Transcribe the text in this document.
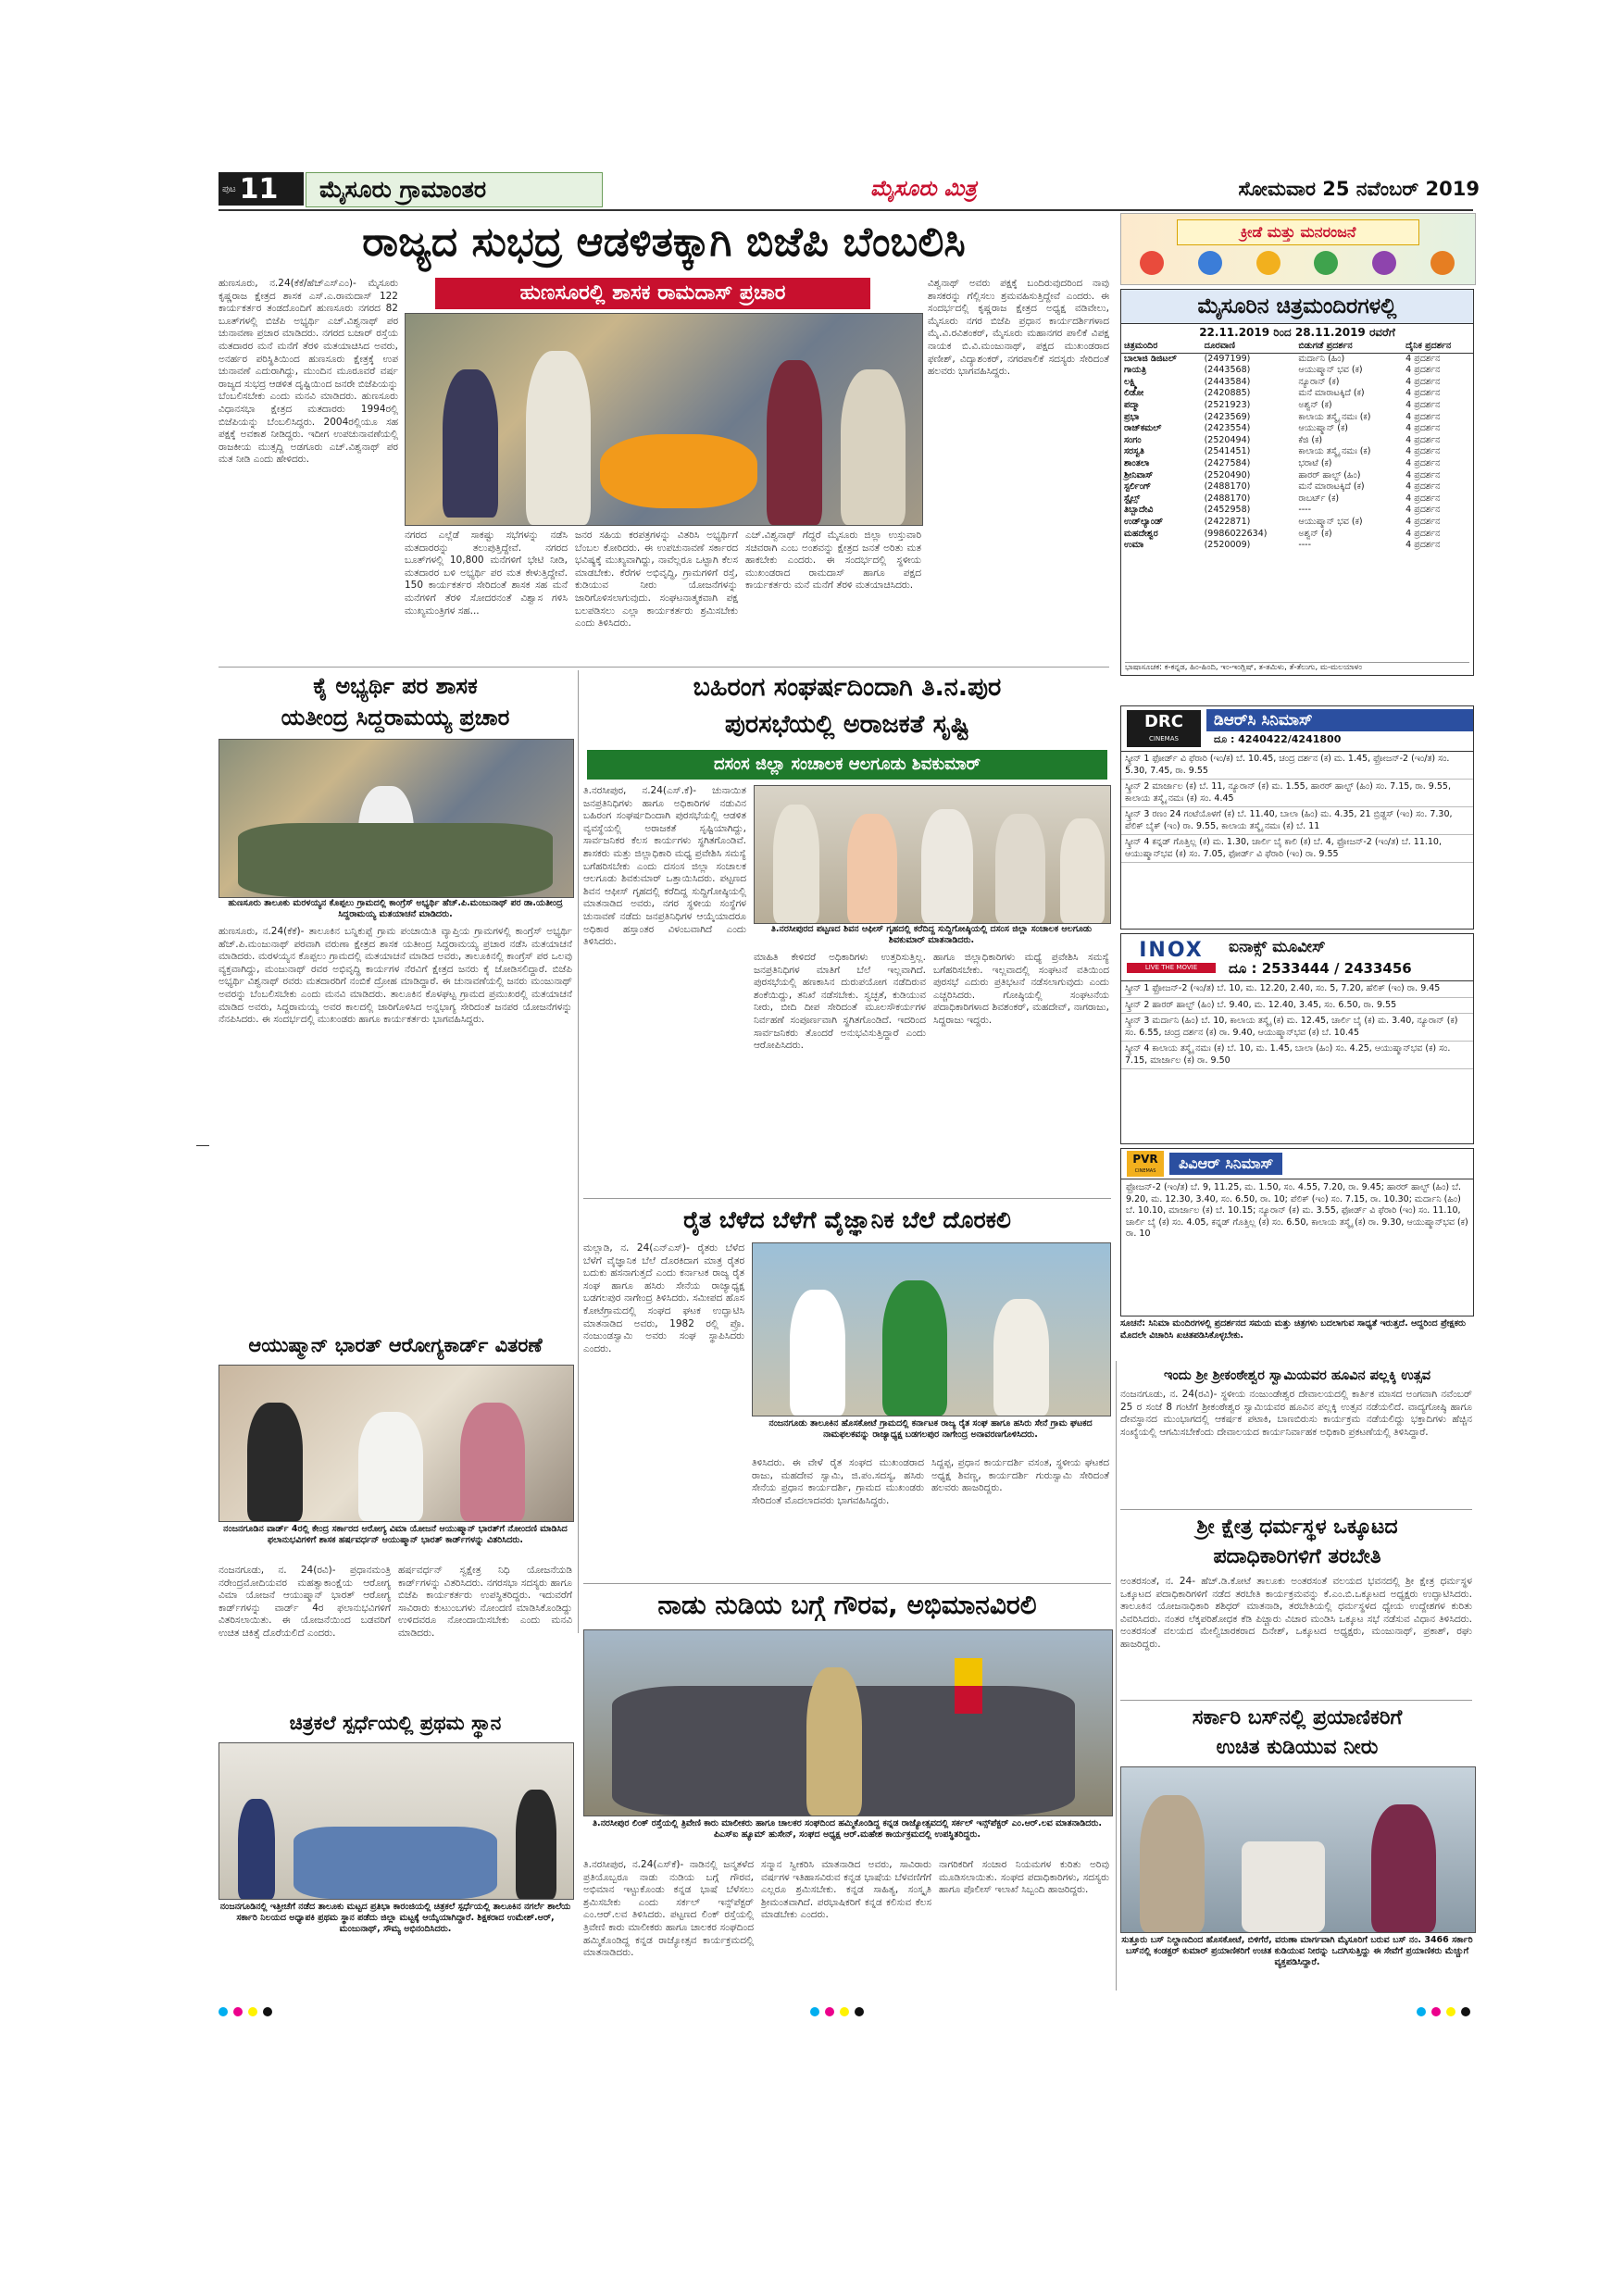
ಪುಟ 11	ಮೈಸೂರು ಗ್ರಾಮಾಂತರ	ಮೈಸೂರು ಮಿತ್ರ	ಸೋಮವಾರ 25 ನವೆಂಬರ್ 2019
ರಾಜ್ಯದ ಸುಭದ್ರ ಆಡಳಿತಕ್ಕಾಗಿ ಬಿಜೆಪಿ ಬೆಂಬಲಿಸಿ
ಹುಣಸೂರಲ್ಲಿ ಶಾಸಕ ರಾಮದಾಸ್ ಪ್ರಚಾರ
ಹುಣಸೂರು, ನ.24(ಕೆಕೆ/ಹೆಚ್‌ಎಸ್‌ಎಂ)- ಮೈಸೂರು ಕೃಷ್ಣರಾಜ ಕ್ಷೇತ್ರದ ಶಾಸಕ ಎಸ್.ಎ.ರಾಮದಾಸ್ 122 ಕಾರ್ಯಕರ್ತರ ತಂಡದೊಂದಿಗೆ ಹುಣಸೂರು ನಗರದ 82 ಬೂತ್‌ಗಳಲ್ಲಿ ಬಿಜೆಪಿ ಅಭ್ಯರ್ಥಿ ಎಚ್.ವಿಶ್ವನಾಥ್ ಪರ ಚುನಾವಣಾ ಪ್ರಚಾರ ಮಾಡಿದರು. ನಗರದ ಬಜಾರ್ ರಸ್ತೆಯ ಮತದಾರರ ಮನೆ ಮನೆಗೆ ತೆರಳಿ ಮತಯಾಚಿಸಿದ ಅವರು, ಅನರ್ಹರ ಪರಿಸ್ಥಿತಿಯಿಂದ ಹುಣಸೂರು ಕ್ಷೇತ್ರಕ್ಕೆ ಉಪ ಚುನಾವಣೆ ಎದುರಾಗಿದ್ದು, ಮುಂದಿನ ಮೂರೂವರೆ ವರ್ಷ ರಾಜ್ಯದ ಸುಭದ್ರ ಆಡಳಿತ ದೃಷ್ಟಿಯಿಂದ ಜನರೇ ಬಿಜೆಪಿಯನ್ನು ಬೆಂಬಲಿಸಬೇಕು ಎಂದು ಮನವಿ ಮಾಡಿದರು. ಹುಣಸೂರು ವಿಧಾನಸಭಾ ಕ್ಷೇತ್ರದ ಮತದಾರರು 1994ರಲ್ಲಿ ಬಿಜೆಪಿಯನ್ನು ಬೆಂಬಲಿಸಿದ್ದರು. 2004ರಲ್ಲಿಯೂ ಸಹ ಪಕ್ಷಕ್ಕೆ ಅವಕಾಶ ನೀಡಿದ್ದರು. ಇದೀಗ ಉಪಚುನಾವಣೆಯಲ್ಲಿ ರಾಜಕೀಯ ಮುತ್ಸದ್ದಿ ಅಡಗೂರು ಎಚ್.ವಿಶ್ವನಾಥ್ ಪರ ಮತ ನೀಡಿ ಎಂದು ಹೇಳಿದರು.
ನಗರದ ಎಲ್ಲೆಡೆ ಸಾಕಷ್ಟು ಸಭೆಗಳನ್ನು ನಡೆಸಿ ಮತದಾರರನ್ನು ತಲುಪುತ್ತಿದ್ದೇವೆ. ನಗರದ ಬೂತ್‌ಗಳಲ್ಲಿ 10,800 ಮನೆಗಳಿಗೆ ಭೇಟಿ ನೀಡಿ, ಮತದಾರರ ಬಳಿ ಅಭ್ಯರ್ಥಿ ಪರ ಮತ ಕೇಳುತ್ತಿದ್ದೇವೆ. 150 ಕಾರ್ಯಕರ್ತರ ಸೇರಿದಂತೆ ಶಾಸಕ ಸಹ ಮನೆ ಮನೆಗಳಿಗೆ ತೆರಳಿ ಸೋದರನಂತೆ ವಿಶ್ವಾಸ ಗಳಿಸಿ ಮುಖ್ಯಮಂತ್ರಿಗಳ ಸಹ...
ಜನರ ಸಹಿಯ ಕರಪತ್ರಗಳನ್ನು ವಿತರಿಸಿ ಅಭ್ಯರ್ಥಿಗೆ ಬೆಂಬಲ ಕೋರಿದರು. ಈ ಉಪಚುನಾವಣೆ ಸರ್ಕಾರದ ಭವಿಷ್ಯಕ್ಕೆ ಮುಖ್ಯವಾಗಿದ್ದು, ನಾವೆಲ್ಲರೂ ಒಟ್ಟಾಗಿ ಕೆಲಸ ಮಾಡಬೇಕು. ಕೆರೆಗಳ ಅಭಿವೃದ್ಧಿ, ಗ್ರಾಮಗಳಿಗೆ ರಸ್ತೆ, ಕುಡಿಯುವ ನೀರು ಯೋಜನೆಗಳನ್ನು ಜಾರಿಗೊಳಿಸಲಾಗುವುದು. ಸಂಘಟನಾತ್ಮಕವಾಗಿ ಪಕ್ಷ ಬಲಪಡಿಸಲು ಎಲ್ಲಾ ಕಾರ್ಯಕರ್ತರು ಶ್ರಮಿಸಬೇಕು ಎಂದು ತಿಳಿಸಿದರು.
ಎಚ್.ವಿಶ್ವನಾಥ್ ಗೆದ್ದರೆ ಮೈಸೂರು ಜಿಲ್ಲಾ ಉಸ್ತುವಾರಿ ಸಚಿವರಾಗಿ ಎಂಬ ಅಂಶವನ್ನು ಕ್ಷೇತ್ರದ ಜನತೆ ಅರಿತು ಮತ ಹಾಕಬೇಕು ಎಂದರು. ಈ ಸಂದರ್ಭದಲ್ಲಿ ಸ್ಥಳೀಯ ಮುಖಂಡರಾದ ರಾಮದಾಸ್ ಹಾಗೂ ಪಕ್ಷದ ಕಾರ್ಯಕರ್ತರು ಮನೆ ಮನೆಗೆ ತೆರಳಿ ಮತಯಾಚಿಸಿದರು.
ವಿಶ್ವನಾಥ್ ಅವರು ಪಕ್ಷಕ್ಕೆ ಬಂದಿರುವುದರಿಂದ ನಾವು ಶಾಸಕರನ್ನು ಗೆಲ್ಲಿಸಲು ಶ್ರಮವಹಿಸುತ್ತಿದ್ದೇವೆ ಎಂದರು. ಈ ಸಂದರ್ಭದಲ್ಲಿ ಕೃಷ್ಣರಾಜ ಕ್ಷೇತ್ರದ ಅಧ್ಯಕ್ಷ ವಡಿವೇಲು, ಮೈಸೂರು ನಗರ ಬಿಜೆಪಿ ಪ್ರಧಾನ ಕಾರ್ಯದರ್ಶಿಗಳಾದ ಮೈ.ವಿ.ರವಿಶಂಕರ್, ಮೈಸೂರು ಮಹಾನಗರ ಪಾಲಿಕೆ ವಿಪಕ್ಷ ನಾಯಕ ಬಿ.ವಿ.ಮಂಜುನಾಥ್, ಪಕ್ಷದ ಮುಖಂಡರಾದ ಫಣೀಶ್, ವಿದ್ಯಾಶಂಕರ್, ನಗರಪಾಲಿಕೆ ಸದಸ್ಯರು ಸೇರಿದಂತೆ ಹಲವರು ಭಾಗವಹಿಸಿದ್ದರು.
ಕ್ರೀಡೆ ಮತ್ತು ಮನರಂಜನೆ
ಮೈಸೂರಿನ ಚಿತ್ರಮಂದಿರಗಳಲ್ಲಿ
22.11.2019 ರಿಂದ 28.11.2019 ರವರೆಗೆ
ಚಿತ್ರಮಂದಿರ	ದೂರವಾಣಿ	ಬಿಡುಗಡೆ ಪ್ರದರ್ಶನ	ದೈನಿಕ ಪ್ರದರ್ಶನ
ಬಾಲಾಜಿ ಡಿಜಿಟಲ್	(2497199)	ಮರ್ದಾನಿ (ಹಿಂ)	4 ಪ್ರದರ್ಶನ
ಗಾಯತ್ರಿ	(2443568)	ಆಯುಷ್ಮಾನ್ ಭವ (ಕ)	4 ಪ್ರದರ್ಶನ
ಲಕ್ಷ್ಮಿ	(2443584)	ನ್ಯೂರಾನ್ (ಕ)	4 ಪ್ರದರ್ಶನ
ಲಿಡೋ	(2420885)	ಮನೆ ಮಾರಾಟಕ್ಕಿದೆ (ಕ)	4 ಪ್ರದರ್ಶನ
ಪದ್ಮಾ	(2521923)	ಅಶ್ವನ್ (ಕ)	4 ಪ್ರದರ್ಶನ
ಪ್ರಭಾ	(2423569)	ಕಾಲಾಯ ತಸ್ಮೈ ನಮಃ (ಕ)	4 ಪ್ರದರ್ಶನ
ರಾಜ್‌ಕಮಲ್	(2423554)	ಆಯುಷ್ಮಾನ್ (ಕ)	4 ಪ್ರದರ್ಶನ
ಸಂಗಂ	(2520494)	ಕೆಜಿ (ಕ)	4 ಪ್ರದರ್ಶನ
ಸರಸ್ವತಿ	(2541451)	ಕಾಲಾಯ ತಸ್ಮೈ ನಮಃ (ಕ)	4 ಪ್ರದರ್ಶನ
ಶಾಂತಲಾ	(2427584)	ಭರಾಟೆ (ಕ)	4 ಪ್ರದರ್ಶನ
ಶ್ರೀನಿವಾಸ್	(2520490)	ಹಾರರ್ ಹಾಲ್ಟ್ (ಹಿಂ)	4 ಪ್ರದರ್ಶನ
ಸ್ಟರ್ಲಿಂಗ್	(2488170)	ಮನೆ ಮಾರಾಟಕ್ಕಿದೆ (ಕ)	4 ಪ್ರದರ್ಶನ
ಸ್ಟೈಲ್ಸ್	(2488170)	ರಾಬರ್ಟ್ (ಕ)	4 ಪ್ರದರ್ಶನ
ತಿಬ್ಬಾದೇವಿ	(2452958)	----	4 ಪ್ರದರ್ಶನ
ಉಡ್‌ಲ್ಯಾಂಡ್	(2422871)	ಆಯುಷ್ಮಾನ್ ಭವ (ಕ)	4 ಪ್ರದರ್ಶನ
ಮಹದೇಶ್ವರ	(9986022634)	ಅಶ್ವನ್ (ಕ)	4 ಪ್ರದರ್ಶನ
ಉಮಾ	(2520009)	----	4 ಪ್ರದರ್ಶನ
ಭಾಷಾಸೂಚಕ: ಕ-ಕನ್ನಡ, ಹಿಂ-ಹಿಂದಿ, ಇಂ-ಇಂಗ್ಲಿಷ್, ತ-ತಮಿಳು, ತೆ-ತೆಲುಗು, ಮ-ಮಲಯಾಳಂ
DRC
CINEMAS
ಡಿಆರ್‌ಸಿ ಸಿನಿಮಾಸ್
ದೂ : 4240422/4241800
ಸ್ಕ್ರೀನ್ 1 ಫೋರ್ಡ್ ವಿ ಫೆರಾರಿ (ಇಂ/ಕ) ಬೆ. 10.45, ಚಂದ್ರ ದರ್ಶನ (ಕ) ಮ. 1.45, ಫ್ರೋಜನ್-2 (ಇಂ/ತ) ಸಂ. 5.30, 7.45, ರಾ. 9.55
ಸ್ಕ್ರೀನ್ 2 ಮಾರ್ಜಾಲ (ಕ) ಬೆ. 11, ನ್ಯೂರಾನ್ (ಕ) ಮ. 1.55, ಹಾರರ್ ಹಾಲ್ಟ್ (ಹಿಂ) ಸಂ. 7.15, ರಾ. 9.55, ಕಾಲಾಯ ತಸ್ಮೈ ನಮಃ (ಕ) ಸಂ. 4.45
ಸ್ಕ್ರೀನ್ 3 ರಣಂ 24 ಗಂಟೆಯೊಳಗೆ (ಕ) ಬೆ. 11.40, ಬಾಲಾ (ಹಿಂ) ಮ. 4.35, 21 ಬ್ರಿಡ್ಜಸ್ (ಇಂ) ಸಂ. 7.30, ಪೆಲಿಕ್ ಬೈಕ್ (ಇಂ) ರಾ. 9.55, ಕಾಲಾಯ ತಸ್ಮೈ ನಮಃ (ಕ) ಬೆ. 11
ಸ್ಕ್ರೀನ್ 4 ಕನ್ನಡ್ ಗೊತ್ತಿಲ್ಲ (ಕ) ಮ. 1.30, ಚಾರ್ಲಿ ಬೈ ಕಾಲಿ (ಕ) ಬೆ. 4, ಫ್ರೋಜನ್-2 (ಇಂ/ತ) ಬೆ. 11.10, ಆಯುಷ್ಮಾನ್‌ಭವ (ಕ) ಸಂ. 7.05, ಫೋರ್ಡ್ ವಿ ಫೆರಾರಿ (ಇಂ) ರಾ. 9.55
INOX
LIVE THE MOVIE
ಐನಾಕ್ಸ್ ಮೂವೀಸ್
ದೂ : 2533444 / 2433456
ಸ್ಕ್ರೀನ್ 1 ಫ್ರೋಜನ್-2 (ಇಂ/ತ) ಬೆ. 10, ಮ. 12.20, 2.40, ಸಂ. 5, 7.20, ಹೆಲಿಕ್ (ಇಂ) ರಾ. 9.45
ಸ್ಕ್ರೀನ್ 2 ಹಾರರ್ ಹಾಲ್ಟ್ (ಹಿಂ) ಬೆ. 9.40, ಮ. 12.40, 3.45, ಸಂ. 6.50, ರಾ. 9.55
ಸ್ಕ್ರೀನ್ 3 ಮರ್ದಾನಿ (ಹಿಂ) ಬೆ. 10, ಕಾಲಾಯ ತಸ್ಮೈ (ಕ) ಮ. 12.45, ಚಾರ್ಲಿ ಬೈ (ಕ) ಮ. 3.40, ನ್ಯೂರಾನ್ (ಕ) ಸಂ. 6.55, ಚಂದ್ರ ದರ್ಶನ (ಕ) ರಾ. 9.40, ಆಯುಷ್ಮಾನ್‌ಭವ (ಕ) ಬೆ. 10.45
ಸ್ಕ್ರೀನ್ 4 ಕಾಲಾಯ ತಸ್ಮೈ ನಮಃ (ಕ) ಬೆ. 10, ಮ. 1.45, ಬಾಲಾ (ಹಿಂ) ಸಂ. 4.25, ಆಯುಷ್ಮಾನ್‌ಭವ (ಕ) ಸಂ. 7.15, ಮಾರ್ಜಾಲ (ಕ) ರಾ. 9.50
PVR
CINEMAS	ಪಿವಿಆರ್ ಸಿನಿಮಾಸ್
ಫ್ರೋಜನ್-2 (ಇಂ/ತ) ಬೆ. 9, 11.25, ಮ. 1.50, ಸಂ. 4.55, 7.20, ರಾ. 9.45; ಹಾರರ್ ಹಾಲ್ಟ್ (ಹಿಂ) ಬೆ. 9.20, ಮ. 12.30, 3.40, ಸಂ. 6.50, ರಾ. 10; ಪೆಲಿಕ್ (ಇಂ) ಸಂ. 7.15, ರಾ. 10.30; ಮರ್ದಾನಿ (ಹಿಂ) ಬೆ. 10.10, ಮಾರ್ಜಾಲ (ಕ) ಬೆ. 10.15; ನ್ಯೂರಾನ್ (ಕ) ಮ. 3.55, ಫೋರ್ಡ್ ವಿ ಫೆರಾರಿ (ಇಂ) ಸಂ. 11.10, ಚಾರ್ಲಿ ಬೈ (ಕ) ಸಂ. 4.05, ಕನ್ನಡ್ ಗೊತ್ತಿಲ್ಲ (ಕ) ಸಂ. 6.50, ಕಾಲಾಯ ತಸ್ಮೈ (ಕ) ರಾ. 9.30, ಆಯುಷ್ಮಾನ್‌ಭವ (ಕ) ರಾ. 10
ಸೂಚನೆ: ಸಿನಿಮಾ ಮಂದಿರಗಳಲ್ಲಿ ಪ್ರದರ್ಶನದ ಸಮಯ ಮತ್ತು ಚಿತ್ರಗಳು ಬದಲಾಗುವ ಸಾಧ್ಯತೆ ಇರುತ್ತದೆ. ಆದ್ದರಿಂದ ಪ್ರೇಕ್ಷಕರು ಮೊದಲೇ ವಿಚಾರಿಸಿ ಖಚಿತಪಡಿಸಿಕೊಳ್ಳಬೇಕು.
ಕೈ ಅಭ್ಯರ್ಥಿ ಪರ ಶಾಸಕ
ಯತೀಂದ್ರ ಸಿದ್ದರಾಮಯ್ಯ ಪ್ರಚಾರ
ಹುಣಸೂರು ತಾಲೂಕು ಮರಳಯ್ಯನ ಕೊಪ್ಪಲು ಗ್ರಾಮದಲ್ಲಿ ಕಾಂಗ್ರೆಸ್ ಅಭ್ಯರ್ಥಿ ಹೆಚ್.ಪಿ.ಮಂಜುನಾಥ್ ಪರ ಡಾ.ಯತೀಂದ್ರ ಸಿದ್ದರಾಮಯ್ಯ ಮತಯಾಚನೆ ಮಾಡಿದರು.
ಹುಣಸೂರು, ನ.24(ಕೆಕೆ)- ತಾಲೂಕಿನ ಬನ್ನಿಕುಪ್ಪೆ ಗ್ರಾಮ ಪಂಚಾಯಿತಿ ವ್ಯಾಪ್ತಿಯ ಗ್ರಾಮಗಳಲ್ಲಿ ಕಾಂಗ್ರೆಸ್ ಅಭ್ಯರ್ಥಿ ಹೆಚ್.ಪಿ.ಮಂಜುನಾಥ್ ಪರವಾಗಿ ವರುಣಾ ಕ್ಷೇತ್ರದ ಶಾಸಕ ಯತೀಂದ್ರ ಸಿದ್ದರಾಮಯ್ಯ ಪ್ರಚಾರ ನಡೆಸಿ ಮತಯಾಚನೆ ಮಾಡಿದರು. ಮರಳಯ್ಯನ ಕೊಪ್ಪಲು ಗ್ರಾಮದಲ್ಲಿ ಮತಯಾಚನೆ ಮಾಡಿದ ಅವರು, ತಾಲೂಕಿನಲ್ಲಿ ಕಾಂಗ್ರೆಸ್ ಪರ ಒಲವು ವ್ಯಕ್ತವಾಗಿದ್ದು, ಮಂಜುನಾಥ್ ರವರ ಅಭಿವೃದ್ಧಿ ಕಾರ್ಯಗಳ ನೆರವಿಗೆ ಕ್ಷೇತ್ರದ ಜನರು ಕೈ ಜೋಡಿಸಲಿದ್ದಾರೆ. ಬಿಜೆಪಿ ಅಭ್ಯರ್ಥಿ ವಿಶ್ವನಾಥ್ ರವರು ಮತದಾರರಿಗೆ ನಂಬಿಕೆ ದ್ರೋಹ ಮಾಡಿದ್ದಾರೆ. ಈ ಚುನಾವಣೆಯಲ್ಲಿ ಜನರು ಮಂಜುನಾಥ್ ಅವರನ್ನು ಬೆಂಬಲಿಸಬೇಕು ಎಂದು ಮನವಿ ಮಾಡಿದರು. ತಾಲೂಕಿನ ಕೊಳಘಟ್ಟ ಗ್ರಾಮದ ಪ್ರಮುಖರಲ್ಲಿ ಮತಯಾಚನೆ ಮಾಡಿದ ಅವರು, ಸಿದ್ದರಾಮಯ್ಯ ಅವರ ಕಾಲದಲ್ಲಿ ಜಾರಿಗೊಳಿಸಿದ ಅನ್ನಭಾಗ್ಯ ಸೇರಿದಂತೆ ಜನಪರ ಯೋಜನೆಗಳನ್ನು ನೆನಪಿಸಿದರು. ಈ ಸಂದರ್ಭದಲ್ಲಿ ಮುಖಂಡರು ಹಾಗೂ ಕಾರ್ಯಕರ್ತರು ಭಾಗವಹಿಸಿದ್ದರು.
ಬಹಿರಂಗ ಸಂಘರ್ಷದಿಂದಾಗಿ ತಿ.ನ.ಪುರ
ಪುರಸಭೆಯಲ್ಲಿ ಅರಾಜಕತೆ ಸೃಷ್ಟಿ
ದಸಂಸ ಜಿಲ್ಲಾ ಸಂಚಾಲಕ ಆಲಗೂಡು ಶಿವಕುಮಾರ್
ತಿ.ನರಸೀಪುರ, ನ.24(ಎಸ್.ಕೆ)- ಚುನಾಯಿತ ಜನಪ್ರತಿನಿಧಿಗಳು ಹಾಗೂ ಅಧಿಕಾರಿಗಳ ನಡುವಿನ ಬಹಿರಂಗ ಸಂಘರ್ಷದಿಂದಾಗಿ ಪುರಸಭೆಯಲ್ಲಿ ಆಡಳಿತ ವ್ಯವಸ್ಥೆಯಲ್ಲಿ ಅರಾಜಕತೆ ಸೃಷ್ಟಿಯಾಗಿದ್ದು, ಸಾರ್ವಜನಿಕರ ಕೆಲಸ ಕಾರ್ಯಗಳು ಸ್ಥಗಿತಗೊಂಡಿವೆ. ಶಾಸಕರು ಮತ್ತು ಜಿಲ್ಲಾಧಿಕಾರಿ ಮಧ್ಯ ಪ್ರವೇಶಿಸಿ ಸಮಸ್ಯೆ ಬಗೆಹರಿಸಬೇಕು ಎಂದು ದಸಂಸ ಜಿಲ್ಲಾ ಸಂಚಾಲಕ ಆಲಗೂಡು ಶಿವಕುಮಾರ್ ಒತ್ತಾಯಿಸಿದರು. ಪಟ್ಟಣದ ಶಿವನ ಆಫೀಸ್ ಗೃಹದಲ್ಲಿ ಕರೆದಿದ್ದ ಸುದ್ದಿಗೋಷ್ಠಿಯಲ್ಲಿ ಮಾತನಾಡಿದ ಅವರು, ನಗರ ಸ್ಥಳೀಯ ಸಂಸ್ಥೆಗಳ ಚುನಾವಣೆ ನಡೆದು ಜನಪ್ರತಿನಿಧಿಗಳ ಆಯ್ಕೆಯಾದರೂ ಅಧಿಕಾರ ಹಸ್ತಾಂತರ ವಿಳಂಬವಾಗಿದೆ ಎಂದು ತಿಳಿಸಿದರು.
ತಿ.ನರಸೀಪುರದ ಪಟ್ಟಣದ ಶಿವನ ಆಫೀಸ್ ಗೃಹದಲ್ಲಿ ಕರೆದಿದ್ದ ಸುದ್ದಿಗೋಷ್ಠಿಯಲ್ಲಿ ದಸಂಸ ಜಿಲ್ಲಾ ಸಂಚಾಲಕ ಆಲಗೂಡು ಶಿವಕುಮಾರ್ ಮಾತನಾಡಿದರು.
ಮಾಹಿತಿ ಕೇಳಿದರೆ ಅಧಿಕಾರಿಗಳು ಉತ್ತರಿಸುತ್ತಿಲ್ಲ. ಜನಪ್ರತಿನಿಧಿಗಳ ಮಾತಿಗೆ ಬೆಲೆ ಇಲ್ಲವಾಗಿದೆ. ಪುರಸಭೆಯಲ್ಲಿ ಹಣಕಾಸಿನ ದುರುಪಯೋಗ ನಡೆದಿರುವ ಶಂಕೆಯಿದ್ದು, ತನಿಖೆ ನಡೆಸಬೇಕು. ಸ್ವಚ್ಛತೆ, ಕುಡಿಯುವ ನೀರು, ಬೀದಿ ದೀಪ ಸೇರಿದಂತೆ ಮೂಲಸೌಕರ್ಯಗಳ ನಿರ್ವಹಣೆ ಸಂಪೂರ್ಣವಾಗಿ ಸ್ಥಗಿತಗೊಂಡಿದೆ. ಇದರಿಂದ ಸಾರ್ವಜನಿಕರು ತೊಂದರೆ ಅನುಭವಿಸುತ್ತಿದ್ದಾರೆ ಎಂದು ಆರೋಪಿಸಿದರು.
ಹಾಗೂ ಜಿಲ್ಲಾಧಿಕಾರಿಗಳು ಮಧ್ಯೆ ಪ್ರವೇಶಿಸಿ ಸಮಸ್ಯೆ ಬಗೆಹರಿಸಬೇಕು. ಇಲ್ಲವಾದಲ್ಲಿ ಸಂಘಟನೆ ವತಿಯಿಂದ ಪುರಸಭೆ ಎದುರು ಪ್ರತಿಭಟನೆ ನಡೆಸಲಾಗುವುದು ಎಂದು ಎಚ್ಚರಿಸಿದರು. ಗೋಷ್ಠಿಯಲ್ಲಿ ಸಂಘಟನೆಯ ಪದಾಧಿಕಾರಿಗಳಾದ ಶಿವಶಂಕರ್, ಮಹದೇವ್, ನಾಗರಾಜು, ಸಿದ್ದರಾಜು ಇದ್ದರು.
ರೈತ ಬೆಳೆದ ಬೆಳೆಗೆ ವೈಜ್ಞಾನಿಕ ಬೆಲೆ ದೊರಕಲಿ
ಮಲ್ಲಾಡಿ, ನ. 24(ಎನ್‌ಎಸ್)- ರೈತರು ಬೆಳೆದ ಬೆಳೆಗೆ ವೈಜ್ಞಾನಿಕ ಬೆಲೆ ದೊರಕಿದಾಗ ಮಾತ್ರ ರೈತರ ಬದುಕು ಹಸನಾಗುತ್ತದೆ ಎಂದು ಕರ್ನಾಟಕ ರಾಜ್ಯ ರೈತ ಸಂಘ ಹಾಗೂ ಹಸಿರು ಸೇನೆಯ ರಾಜ್ಯಾಧ್ಯಕ್ಷ ಬಡಗಲಪುರ ನಾಗೇಂದ್ರ ತಿಳಿಸಿದರು. ಸಮೀಪದ ಹೊಸ ಕೋಟೆಗ್ರಾಮದಲ್ಲಿ ಸಂಘದ ಘಟಕ ಉದ್ಘಾಟಿಸಿ ಮಾತನಾಡಿದ ಅವರು, 1982 ರಲ್ಲಿ ಪ್ರೊ. ನಂಜುಂಡಸ್ವಾಮಿ ಅವರು ಸಂಘ ಸ್ಥಾಪಿಸಿದರು ಎಂದರು.
ನಂಜನಗೂಡು ತಾಲೂಕಿನ ಹೊಸಕೋಟೆ ಗ್ರಾಮದಲ್ಲಿ ಕರ್ನಾಟಕ ರಾಜ್ಯ ರೈತ ಸಂಘ ಹಾಗೂ ಹಸಿರು ಸೇನೆ ಗ್ರಾಮ ಘಟಕದ ನಾಮಫಲಕವನ್ನು ರಾಜ್ಯಾಧ್ಯಕ್ಷ ಬಡಗಲಪುರ ನಾಗೇಂದ್ರ ಅನಾವರಣಗೊಳಿಸಿದರು.
ತಿಳಿಸಿದರು. ಈ ವೇಳೆ ರೈತ ಸಂಘದ ಮುಖಂಡರಾದ ರಾಜು, ಮಹದೇವ ಸ್ವಾಮಿ, ಜಿ.ಪಂ.ಸದಸ್ಯ, ಹಸಿರು ಸೇನೆಯ ಪ್ರಧಾನ ಕಾರ್ಯದರ್ಶಿ, ಗ್ರಾಮದ ಮುಖಂಡರು ಸೇರಿದಂತೆ ಮೊದಲಾದವರು ಭಾಗವಹಿಸಿದ್ದರು.
ಸಿದ್ದಪ್ಪ, ಪ್ರಧಾನ ಕಾರ್ಯದರ್ಶಿ ವಸಂತ, ಸ್ಥಳೀಯ ಘಟಕದ ಅಧ್ಯಕ್ಷ ಶಿವಣ್ಣ, ಕಾರ್ಯದರ್ಶಿ ಗುರುಸ್ವಾಮಿ ಸೇರಿದಂತೆ ಹಲವರು ಹಾಜರಿದ್ದರು.
ಆಯುಷ್ಮಾನ್ ಭಾರತ್ ಆರೋಗ್ಯಕಾರ್ಡ್ ವಿತರಣೆ
ನಂಜನಗೂಡಿನ ವಾರ್ಡ್ 4ರಲ್ಲಿ ಕೇಂದ್ರ ಸರ್ಕಾರದ ಆರೋಗ್ಯ ವಿಮಾ ಯೋಜನೆ ಆಯುಷ್ಮಾನ್ ಭಾರತ್‌ಗೆ ನೋಂದಣಿ ಮಾಡಿಸಿದ ಫಲಾನುಭವಿಗಳಿಗೆ ಶಾಸಕ ಹರ್ಷವರ್ಧನ್ ಆಯುಷ್ಮಾನ್ ಭಾರತ್ ಕಾರ್ಡ್‌ಗಳನ್ನು ವಿತರಿಸಿದರು.
ನಂಜನಗೂಡು, ನ. 24(ರವಿ)- ಪ್ರಧಾನಮಂತ್ರಿ ನರೇಂದ್ರಮೋದಿಯವರ ಮಹತ್ವಾಕಾಂಕ್ಷೆಯ ಆರೋಗ್ಯ ವಿಮಾ ಯೋಜನೆ ಆಯುಷ್ಮಾನ್ ಭಾರತ್ ಆರೋಗ್ಯ ಕಾರ್ಡ್‌ಗಳನ್ನು ವಾರ್ಡ್ 4ರ ಫಲಾನುಭವಿಗಳಿಗೆ ವಿತರಿಸಲಾಯಿತು. ಈ ಯೋಜನೆಯಿಂದ ಬಡವರಿಗೆ ಉಚಿತ ಚಿಕಿತ್ಸೆ ದೊರೆಯಲಿದೆ ಎಂದರು.
ಹರ್ಷವರ್ಧನ್ ಸ್ವಕ್ಷೇತ್ರ ನಿಧಿ ಯೋಜನೆಯಡಿ ಕಾರ್ಡ್‌ಗಳನ್ನು ವಿತರಿಸಿದರು. ನಗರಸಭಾ ಸದಸ್ಯರು ಹಾಗೂ ಬಿಜೆಪಿ ಕಾರ್ಯಕರ್ತರು ಉಪಸ್ಥಿತರಿದ್ದರು. ಇದುವರೆಗೆ ಸಾವಿರಾರು ಕುಟುಂಬಗಳು ನೋಂದಣಿ ಮಾಡಿಸಿಕೊಂಡಿದ್ದು ಉಳಿದವರೂ ನೋಂದಾಯಿಸಬೇಕು ಎಂದು ಮನವಿ ಮಾಡಿದರು.
ಚಿತ್ರಕಲೆ ಸ್ಪರ್ಧೆಯಲ್ಲಿ ಪ್ರಥಮ ಸ್ಥಾನ
ನಂಜನಗೂಡಿನಲ್ಲಿ ಇತ್ತೀಚೆಗೆ ನಡೆದ ತಾಲೂಕು ಮಟ್ಟದ ಪ್ರತಿಭಾ ಕಾರಂಜಿಯಲ್ಲಿ ಚಿತ್ರಕಲೆ ಸ್ಪರ್ಧೆಯಲ್ಲಿ ತಾಲೂಕಿನ ನಗರ್ಲೆ ಶಾಲೆಯ ಸರ್ಕಾರಿ ನಿಲಯದ ಅಧ್ಯಾಪಕಿ ಪ್ರಥಮ ಸ್ಥಾನ ಪಡೆದು ಜಿಲ್ಲಾ ಮಟ್ಟಕ್ಕೆ ಆಯ್ಕೆಯಾಗಿದ್ದಾರೆ. ಶಿಕ್ಷಕರಾದ ಉಮೇಶ್.ಆರ್, ಮಂಜುನಾಥ್, ಸೌಮ್ಯ ಅಭಿನಂದಿಸಿದರು.
ನಾಡು ನುಡಿಯ ಬಗ್ಗೆ ಗೌರವ, ಅಭಿಮಾನವಿರಲಿ
ತಿ.ನರಸೀಪುರ ಲಿಂಕ್ ರಸ್ತೆಯಲ್ಲಿ ತ್ರಿವೇಣಿ ಕಾರು ಮಾಲೀಕರು ಹಾಗೂ ಚಾಲಕರ ಸಂಘದಿಂದ ಹಮ್ಮಿಕೊಂಡಿದ್ದ ಕನ್ನಡ ರಾಜ್ಯೋತ್ಸವದಲ್ಲಿ ಸರ್ಕಲ್ ಇನ್ಸ್‌ಪೆಕ್ಟರ್ ಎಂ.ಆರ್.ಲವ ಮಾತನಾಡಿದರು. ಪಿಎಸ್‌ಐ ಹ್ಯೂಮ್ ಹುಸೇನ್, ಸಂಘದ ಅಧ್ಯಕ್ಷ ಆರ್.ಮಹೇಶ ಕಾರ್ಯಕ್ರಮದಲ್ಲಿ ಉಪಸ್ಥಿತರಿದ್ದರು.
ತಿ.ನರಸೀಪುರ, ನ.24(ಎಸ್‌ಕೆ)- ನಾಡಿನಲ್ಲಿ ಜನ್ಮತಳೆದ ಪ್ರತಿಯೊಬ್ಬರೂ ನಾಡು ನುಡಿಯ ಬಗ್ಗೆ ಗೌರವ, ಅಭಿಮಾನ ಇಟ್ಟುಕೊಂಡು ಕನ್ನಡ ಭಾಷೆ ಬೆಳೆಸಲು ಶ್ರಮಿಸಬೇಕು ಎಂದು ಸರ್ಕಲ್ ಇನ್ಸ್‌ಪೆಕ್ಟರ್ ಎಂ.ಆರ್.ಲವ ತಿಳಿಸಿದರು. ಪಟ್ಟಣದ ಲಿಂಕ್ ರಸ್ತೆಯಲ್ಲಿ ತ್ರಿವೇಣಿ ಕಾರು ಮಾಲೀಕರು ಹಾಗೂ ಚಾಲಕರ ಸಂಘದಿಂದ ಹಮ್ಮಿಕೊಂಡಿದ್ದ ಕನ್ನಡ ರಾಜ್ಯೋತ್ಸವ ಕಾರ್ಯಕ್ರಮದಲ್ಲಿ ಮಾತನಾಡಿದರು.
ಸನ್ಮಾನ ಸ್ವೀಕರಿಸಿ ಮಾತನಾಡಿದ ಅವರು, ಸಾವಿರಾರು ವರ್ಷಗಳ ಇತಿಹಾಸವಿರುವ ಕನ್ನಡ ಭಾಷೆಯ ಬೆಳವಣಿಗೆಗೆ ಎಲ್ಲರೂ ಶ್ರಮಿಸಬೇಕು. ಕನ್ನಡ ಸಾಹಿತ್ಯ, ಸಂಸ್ಕೃತಿ ಶ್ರೀಮಂತವಾಗಿದೆ. ಪರಭಾಷಿಕರಿಗೆ ಕನ್ನಡ ಕಲಿಸುವ ಕೆಲಸ ಮಾಡಬೇಕು ಎಂದರು.
ನಾಗರಿಕರಿಗೆ ಸಂಚಾರ ನಿಯಮಗಳ ಕುರಿತು ಅರಿವು ಮೂಡಿಸಲಾಯಿತು. ಸಂಘದ ಪದಾಧಿಕಾರಿಗಳು, ಸದಸ್ಯರು ಹಾಗೂ ಪೊಲೀಸ್ ಇಲಾಖೆ ಸಿಬ್ಬಂದಿ ಹಾಜರಿದ್ದರು.
ಇಂದು ಶ್ರೀ ಶ್ರೀಕಂಠೇಶ್ವರ ಸ್ವಾಮಿಯವರ ಹೂವಿನ ಪಲ್ಲಕ್ಕಿ ಉತ್ಸವ
ನಂಜನಗೂಡು, ನ. 24(ರವಿ)- ಸ್ಥಳೀಯ ನಂಜುಂಡೇಶ್ವರ ದೇವಾಲಯದಲ್ಲಿ ಕಾರ್ತಿಕ ಮಾಸದ ಅಂಗವಾಗಿ ನವೆಂಬರ್ 25 ರ ಸಂಜೆ 8 ಗಂಟೆಗೆ ಶ್ರೀಕಂಠೇಶ್ವರ ಸ್ವಾಮಿಯವರ ಹೂವಿನ ಪಲ್ಲಕ್ಕಿ ಉತ್ಸವ ನಡೆಯಲಿದೆ. ವಾದ್ಯಗೋಷ್ಠಿ ಹಾಗೂ ದೇವಸ್ಥಾನದ ಮುಂಭಾಗದಲ್ಲಿ ಆಕರ್ಷಕ ಪಟಾಕಿ, ಬಾಣಬಿರುಸು ಕಾರ್ಯಕ್ರಮ ನಡೆಯಲಿದ್ದು ಭಕ್ತಾದಿಗಳು ಹೆಚ್ಚಿನ ಸಂಖ್ಯೆಯಲ್ಲಿ ಆಗಮಿಸಬೇಕೆಂದು ದೇವಾಲಯದ ಕಾರ್ಯನಿರ್ವಾಹಕ ಅಧಿಕಾರಿ ಪ್ರಕಟಣೆಯಲ್ಲಿ ತಿಳಿಸಿದ್ದಾರೆ.
ಶ್ರೀ ಕ್ಷೇತ್ರ ಧರ್ಮಸ್ಥಳ ಒಕ್ಕೂಟದ
ಪದಾಧಿಕಾರಿಗಳಿಗೆ ತರಬೇತಿ
ಅಂತರಸಂತೆ, ನ. 24- ಹೆಚ್.ಡಿ.ಕೋಟೆ ತಾಲೂಕು ಅಂತರಸಂತೆ ವಲಯದ ಭವನದಲ್ಲಿ ಶ್ರೀ ಕ್ಷೇತ್ರ ಧರ್ಮಸ್ಥಳ ಒಕ್ಕೂಟದ ಪದಾಧಿಕಾರಿಗಳಿಗೆ ನಡೆದ ತರಬೇತಿ ಕಾರ್ಯಕ್ರಮವನ್ನು ಕೆ.ಎಂ.ಬಿ.ಒಕ್ಕೂಟದ ಅಧ್ಯಕ್ಷರು ಉದ್ಘಾಟಿಸಿದರು. ತಾಲೂಕಿನ ಯೋಜನಾಧಿಕಾರಿ ಶಶಿಧರ್ ಮಾತನಾಡಿ, ತರಬೇತಿಯಲ್ಲಿ ಧರ್ಮಸ್ಥಳದ ಧ್ಯೇಯ ಉದ್ದೇಶಗಳ ಕುರಿತು ವಿವರಿಸಿದರು. ನಂತರ ಲೆಕ್ಕಪರಿಶೋಧಕ ಕೆಡಿ ಪಿಚ್ಚಾರು ವಿಚಾರ ಮಂಡಿಸಿ ಒಕ್ಕೂಟ ಸಭೆ ನಡೆಸುವ ವಿಧಾನ ತಿಳಿಸಿದರು. ಅಂತರಸಂತೆ ವಲಯದ ಮೇಲ್ವಿಚಾರಕರಾದ ದಿನೇಶ್, ಒಕ್ಕೂಟದ ಅಧ್ಯಕ್ಷರು, ಮಂಜುನಾಥ್, ಪ್ರಕಾಶ್, ರಘು ಹಾಜರಿದ್ದರು.
ಸರ್ಕಾರಿ ಬಸ್‌ನಲ್ಲಿ ಪ್ರಯಾಣಿಕರಿಗೆ
ಉಚಿತ ಕುಡಿಯುವ ನೀರು
ಸುತ್ತೂರು ಬಸ್ ನಿಲ್ದಾಣದಿಂದ ಹೊಸಕೋಟೆ, ಬಿಳಿಗೆರೆ, ವರುಣಾ ಮಾರ್ಗವಾಗಿ ಮೈಸೂರಿಗೆ ಬರುವ ಬಸ್ ನಂ. 3466 ಸರ್ಕಾರಿ ಬಸ್‌ನಲ್ಲಿ ಕಂಡಕ್ಟರ್ ಕುಮಾರ್ ಪ್ರಯಾಣಿಕರಿಗೆ ಉಚಿತ ಕುಡಿಯುವ ನೀರನ್ನು ಒದಗಿಸುತ್ತಿದ್ದು ಈ ಸೇವೆಗೆ ಪ್ರಯಾಣಿಕರು ಮೆಚ್ಚುಗೆ ವ್ಯಕ್ತಪಡಿಸಿದ್ದಾರೆ.
